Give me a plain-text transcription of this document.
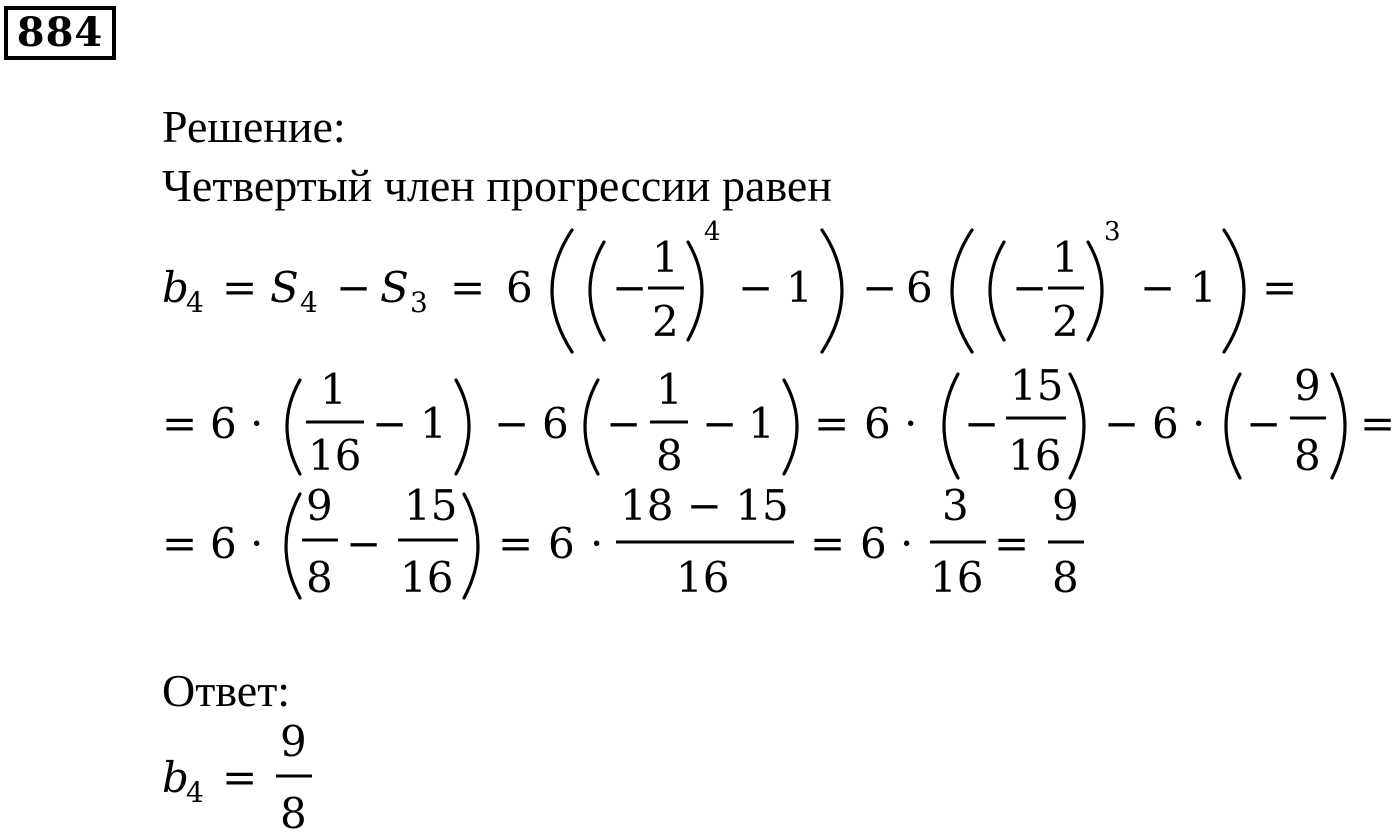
884
Решение:
Четвертый член прогрессии равен
Ответ:
b
4 = S 4 − S 3 = 6 −
1
2
4
− 1 − 6 −
1
2
3
− 1 =
= 6 ·
1
16
− 1 − 6 −
1
8
− 1 = 6 · −
15
16
− 6 · −
9
8
=
= 6 ·
9
8
−
15
16
= 6 ·
18 − 15
16
= 6 ·
3
16
=
9
8
b
4 =
9
8
